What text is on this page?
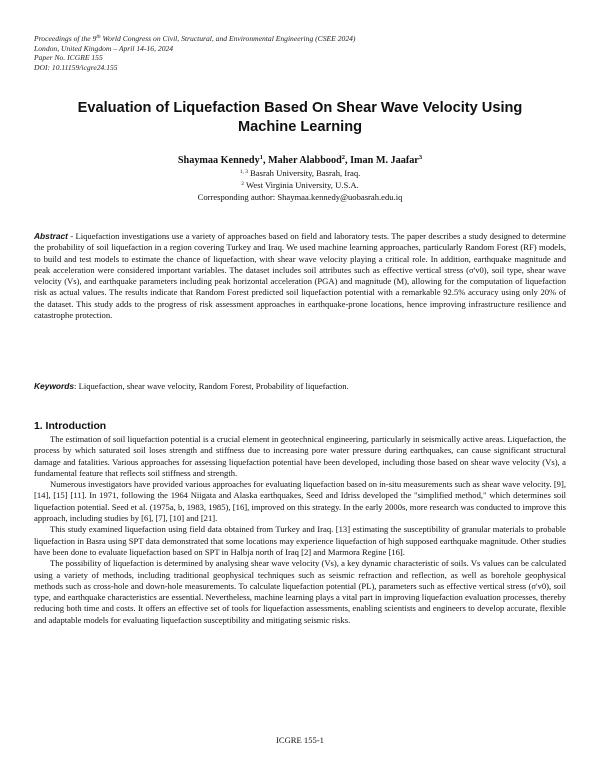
Proceedings of the 9th World Congress on Civil, Structural, and Environmental Engineering (CSEE 2024)
London, United Kingdom – April 14-16, 2024
Paper No. ICGRE 155
DOI: 10.11159/icgre24.155
Evaluation of Liquefaction Based On Shear Wave Velocity Using
Machine Learning
Shaymaa Kennedy$^1$, Maher Alabbood$^2$, Iman M. Jaafar$^3$
$^{1, 3}$ Basrah University, Basrah, Iraq.
$^2$ West Virginia University, U.S.A.
Corresponding author: Shaymaa.kennedy@uobasrah.edu.iq
Abstract - Liquefaction investigations use a variety of approaches based on field and laboratory tests. The paper describes a study designed to determine the probability of soil liquefaction in a region covering Turkey and Iraq. We used machine learning approaches, particularly Random Forest (RF) models, to build and test models to estimate the chance of liquefaction, with shear wave velocity playing a critical role. In addition, earthquake magnitude and peak acceleration were considered important variables. The dataset includes soil attributes such as effective vertical stress (σ'v0), soil type, shear wave velocity (Vs), and earthquake parameters including peak horizontal acceleration (PGA) and magnitude (M), allowing for the computation of liquefaction risk as actual values. The results indicate that Random Forest predicted soil liquefaction potential with a remarkable 92.5% accuracy using only 20% of the dataset. This study adds to the progress of risk assessment approaches in earthquake-prone locations, hence improving infrastructure resilience and catastrophe protection.
Keywords: Liquefaction, shear wave velocity, Random Forest, Probability of liquefaction.
1. Introduction

The estimation of soil liquefaction potential is a crucial element in geotechnical engineering, particularly in seismically active areas. Liquefaction, the process by which saturated soil loses strength and stiffness due to increasing pore water pressure during earthquakes, can cause significant structural damage and fatalities. Various approaches for assessing liquefaction potential have been developed, including those based on shear wave velocity (Vs), a fundamental feature that reflects soil stiffness and strength.

Numerous investigators have provided various approaches for evaluating liquefaction based on in-situ measurements such as shear wave velocity. [9], [14], [15] [11]. In 1971, following the 1964 Niigata and Alaska earthquakes, Seed and Idriss developed the "simplified method," which determines soil liquefaction potential. Seed et al. (1975a, b, 1983, 1985), [16], improved on this strategy. In the early 2000s, more research was conducted to improve this approach, including studies by [6], [7], [10] and [21].

This study examined liquefaction using field data obtained from Turkey and Iraq. [13] estimating the susceptibility of granular materials to probable liquefaction in Basra using SPT data demonstrated that some locations may experience liquefaction of high supposed earthquake magnitude. Other studies have been done to evaluate liquefaction based on SPT in Halbja north of Iraq [2] and Marmora Regine [16].

The possibility of liquefaction is determined by analysing shear wave velocity (Vs), a key dynamic characteristic of soils. Vs values can be calculated using a variety of methods, including traditional geophysical techniques such as seismic refraction and reflection, as well as borehole geophysical methods such as cross-hole and down-hole measurements. To calculate liquefaction potential (PL), parameters such as effective vertical stress (σ'v0), soil type, and earthquake characteristics are essential. Nevertheless, machine learning plays a vital part in improving liquefaction evaluation processes, thereby reducing both time and costs. It offers an effective set of tools for liquefaction assessments, enabling scientists and engineers to develop accurate, flexible and adaptable models for evaluating liquefaction susceptibility and mitigating seismic risks.

ICGRE 155-1
